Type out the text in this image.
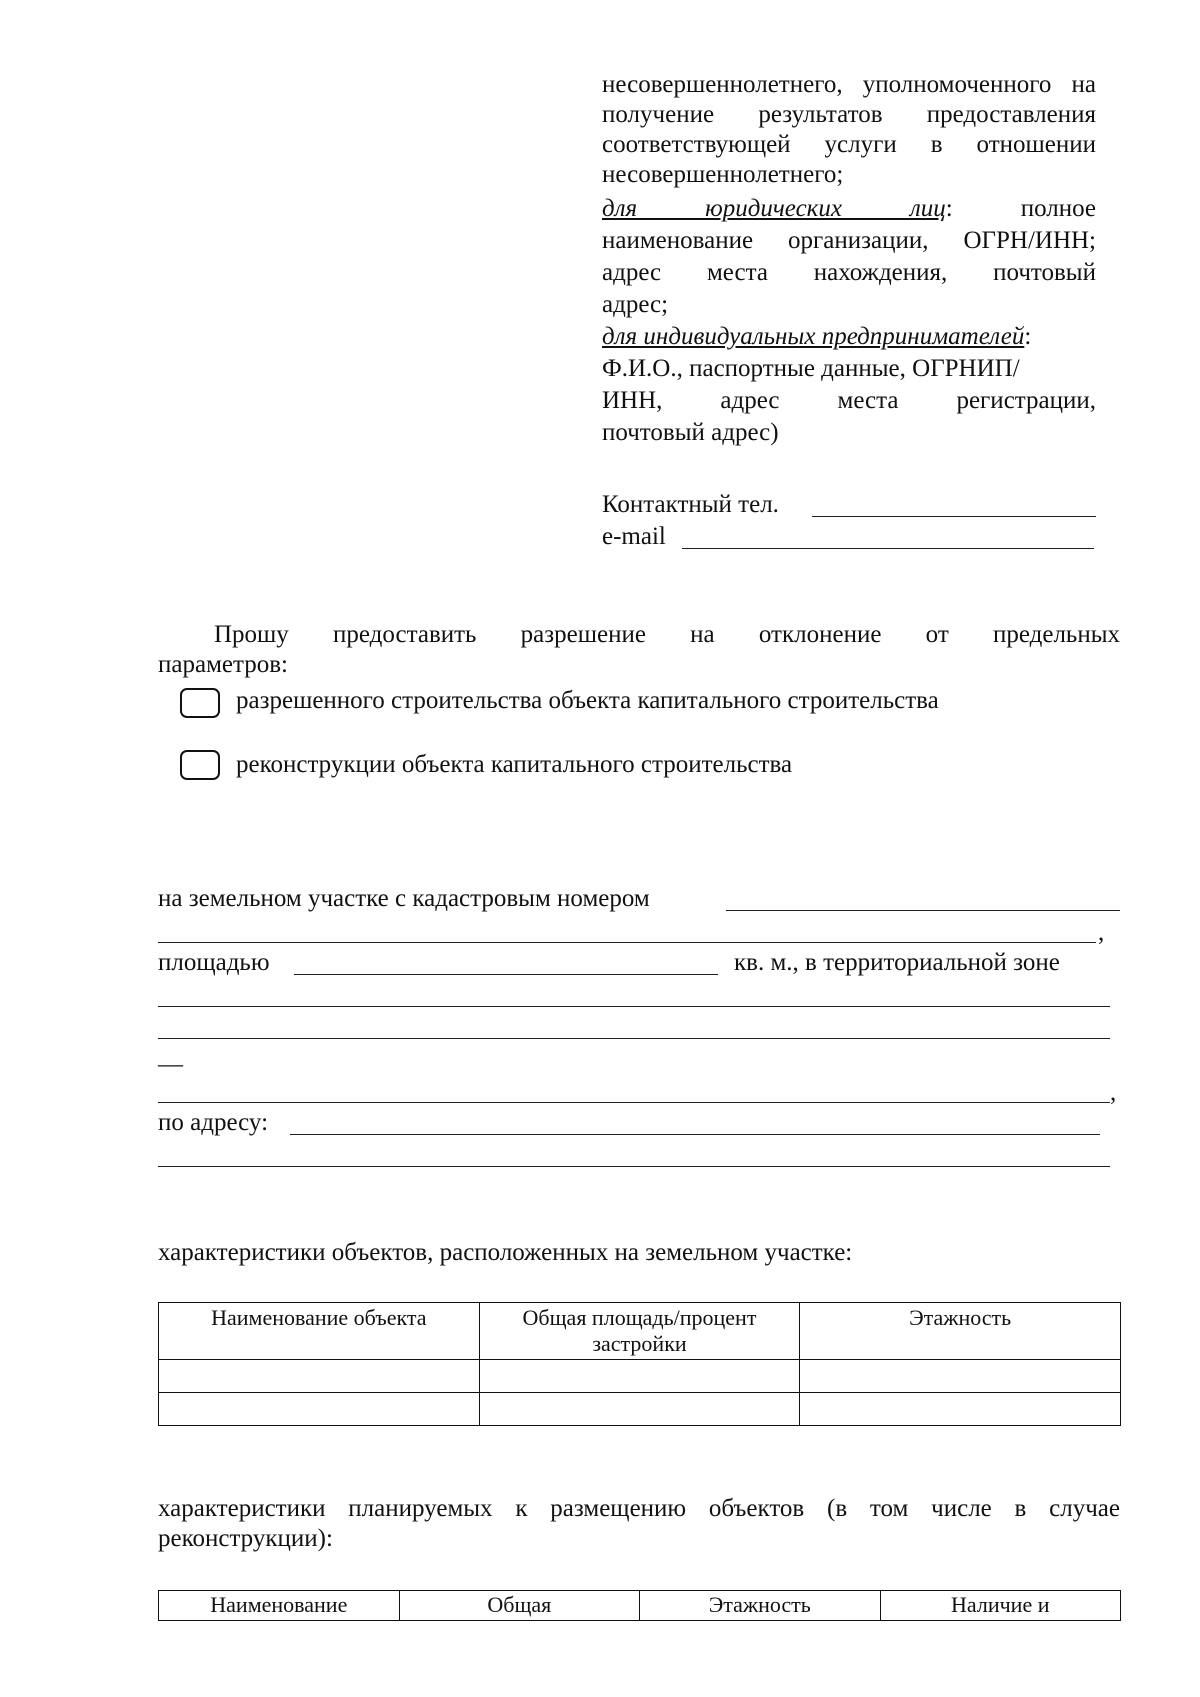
несовершеннолетнего, уполномоченного на
получение результатов предоставления
соответствующей услуги в отношении
несовершеннолетнего;
для юридических лиц:	полное
наименование организации, ОГРН/ИНН;
адрес места нахождения, почтовый
адрес;
для индивидуальных предпринимателей:
Ф.И.О., паспортные данные, ОГРНИП/
ИНН, адрес места регистрации,
почтовый адрес)
Контактный тел.
e-mail
Прошу предоставить разрешение на отклонение от предельных
параметров:
разрешенного строительства объекта капитального строительства
реконструкции объекта капитального строительства
на земельном участке с кадастровым номером
,
площадью	кв. м., в территориальной зоне
—
,
по адресу:
характеристики объектов, расположенных на земельном участке:
Наименование объекта	Общая площадь/процент застройки	Этажность

характеристики планируемых к размещению объектов (в том числе в случае
реконструкции):
Наименование	Общая	Этажность	Наличие и
